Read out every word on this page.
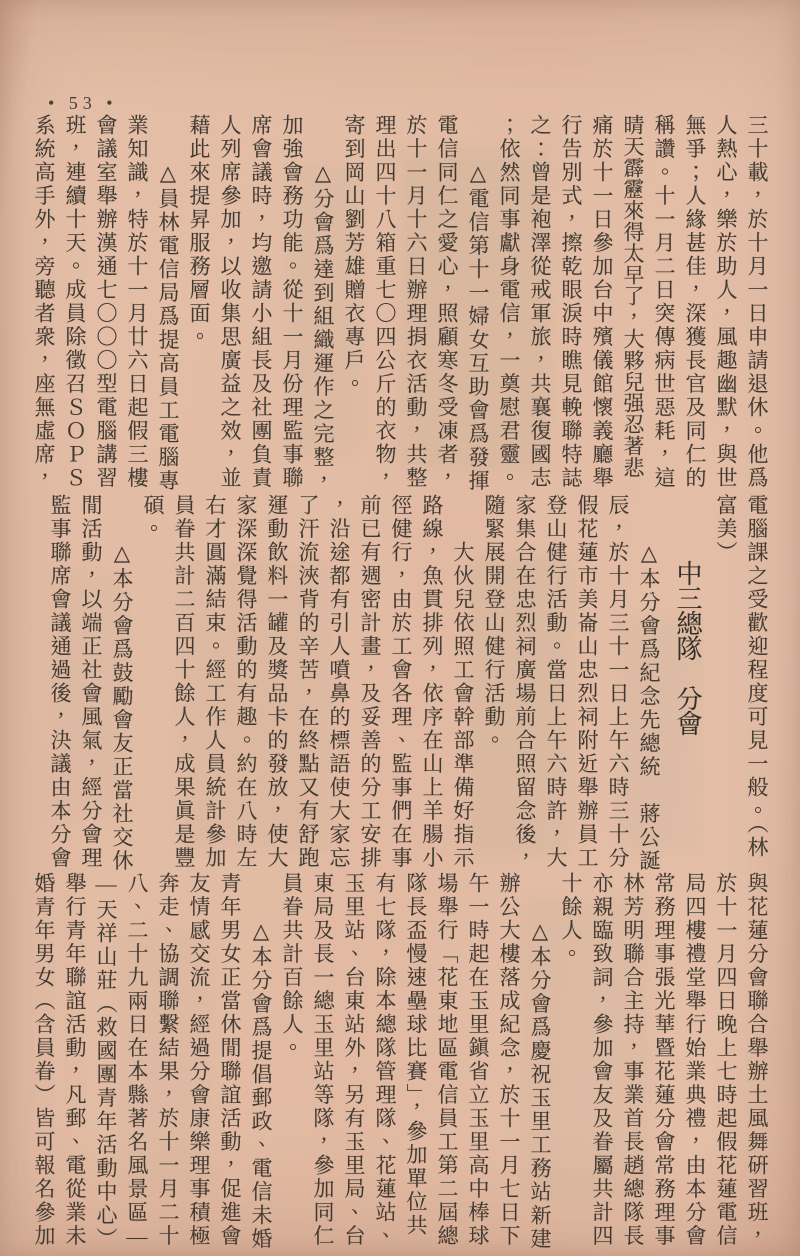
• 53 •
三十載，於十月一日申請退休。他爲
人熱心，樂於助人，風趣幽默，與世
無爭；人緣甚佳，深獲長官及同仁的
稱讚。十一月二日突傳病世惡耗，這
晴天霹靂來得太早了，大夥兒强忍著悲
痛於十一日參加台中殯儀館懷義廳舉
行告別式，擦乾眼淚時瞧見輓聯特誌
之：曾是袍澤從戒軍旅，共襄復國志
；依然同事獻身電信，一奠慰君靈。
　　△電信第十一婦女互助會爲發揮
電信同仁之愛心，照顧寒冬受凍者，
於十一月十六日辦理捐衣活動，共整
理出四十八箱重七〇四公斤的衣物，
寄到岡山劉芳雄贈衣專戶。
　　△分會爲達到組織運作之完整，
加強會務功能。從十一月份理監事聯
席會議時，均邀請小組長及社團負責
人列席參加，以收集思廣益之效，並
藉此來提昇服務層面。
　　△員林電信局爲提高員工電腦專
業知識，特於十一月廿六日起假三樓
會議室舉辦漢通七〇〇〇型電腦講習
班，連續十天。成員除徵召ＳＯＰＳ
系統高手外，旁聽者衆，座無虛席，
電腦課之受歡迎程度可見一般。（林
富美）
中三總隊　分會
　　△本分會爲紀念先總統　蔣公誕
辰，於十月三十一日上午六時三十分
假花蓮市美崙山忠烈祠附近舉辦員工
登山健行活動。當日上午六時許，大
家集合在忠烈祠廣場前合照留念後，
隨緊展開登山健行活動。
　　大伙兒依照工會幹部準備好指示
路線，魚貫排列，依序在山上羊腸小
徑健行，由於工會各理、監事們在事
前已有週密計畫，及妥善的分工安排
，沿途都有引人噴鼻的標語使大家忘
了汗流浹背的辛苦，在終點又有舒跑
運動飲料一罐及獎品卡的發放，使大
家深深覺得活動的有趣。約在八時左
右才圓滿結束。經工作人員統計參加
員眷共計二百四十餘人，成果眞是豐
碩。
　　△本分會爲鼓勵會友正當社交休
閒活動，以端正社會風氣，經分會理
監事聯席會議通過後，決議由本分會
與花蓮分會聯合舉辦土風舞硏習班，
於十一月四日晚上七時起假花蓮電信
局四樓禮堂舉行始業典禮，由本分會
常務理事張光華暨花蓮分會常務理事
林芳明聯合主持，事業首長趙總隊長
亦親臨致詞，參加會友及眷屬共計四
十餘人。
　　△本分會爲慶祝玉里工務站新建
辦公大樓落成紀念，於十一月七日下
午一時起在玉里鎭省立玉里高中棒球
場舉行「花東地區電信員工第二屆總
隊長盃慢速壘球比賽」，參加單位共
有七隊，除本總隊管理隊、花蓮站、
玉里站、台東站外，另有玉里局、台
東局及長一總玉里站等隊，參加同仁
員眷共計百餘人。
　　△本分會爲提倡郵政、電信未婚
青年男女正當休閒聯誼活動，促進會
友情感交流，經過分會康樂理事積極
奔走、協調聯繫結果，於十一月二十
八、二十九兩日在本縣著名風景區—
—天祥山莊（救國團青年活動中心）
舉行青年聯誼活動，凡郵、電從業未
婚青年男女（含員眷）皆可報名參加
